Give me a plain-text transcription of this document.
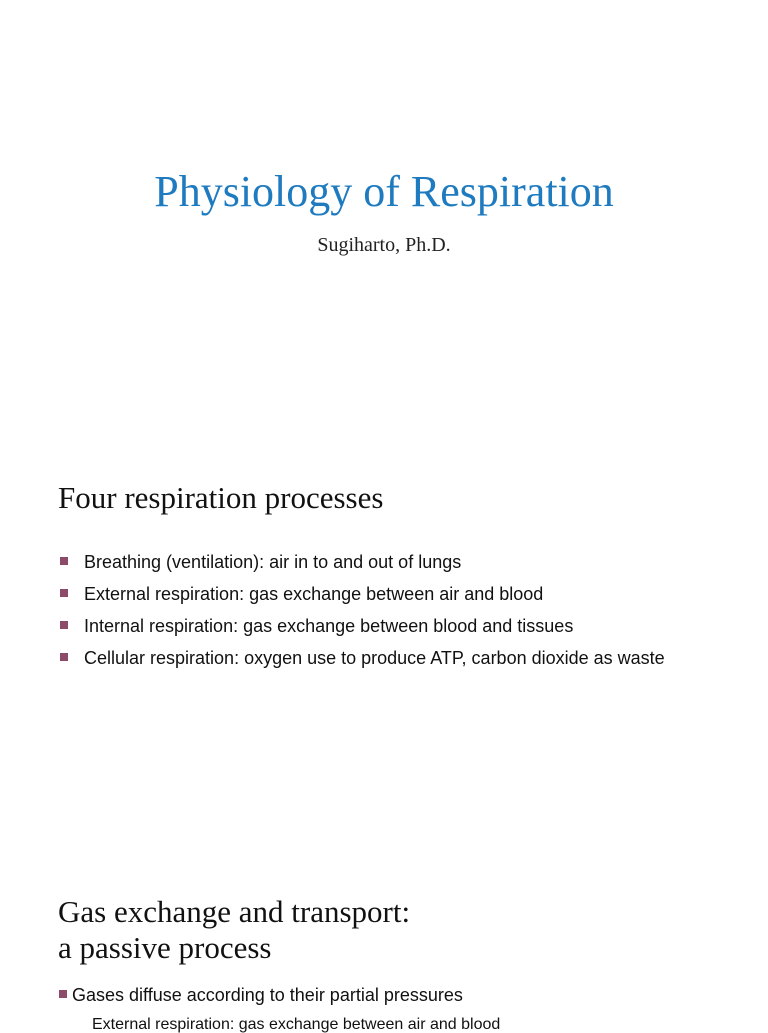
Physiology of Respiration

Sugiharto, Ph.D.

Four respiration processes
Breathing (ventilation): air in to and out of lungs
External respiration: gas exchange between air and blood
Internal respiration: gas exchange between blood and tissues
Cellular respiration: oxygen use to produce ATP, carbon dioxide as waste
Gas exchange and transport:
a passive process
Gases diffuse according to their partial pressures
External respiration: gas exchange between air and blood
